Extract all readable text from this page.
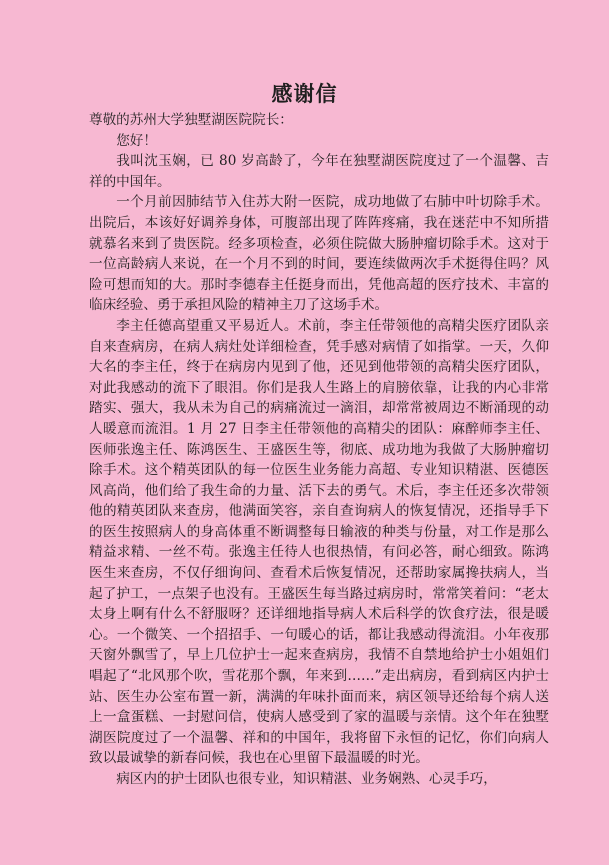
感谢信

尊敬的苏州大学独墅湖医院院长：

您好！

我叫沈玉娴，已 80 岁高龄了，今年在独墅湖医院度过了一个温馨、吉祥的中国年。

一个月前因肺结节入住苏大附一医院，成功地做了右肺中叶切除手术。出院后，本该好好调养身体，可腹部出现了阵阵疼痛，我在迷茫中不知所措就慕名来到了贵医院。经多项检查，必须住院做大肠肿瘤切除手术。这对于一位高龄病人来说，在一个月不到的时间，要连续做两次手术挺得住吗？风险可想而知的大。那时李德春主任挺身而出，凭他高超的医疗技术、丰富的临床经验、勇于承担风险的精神主刀了这场手术。

李主任德高望重又平易近人。术前，李主任带领他的高精尖医疗团队亲自来查病房，在病人病灶处详细检查，凭手感对病情了如指掌。一天，久仰大名的李主任，终于在病房内见到了他，还见到他带领的高精尖医疗团队，对此我感动的流下了眼泪。你们是我人生路上的肩膀依靠，让我的内心非常踏实、强大，我从未为自己的病痛流过一滴泪，却常常被周边不断涌现的动人暖意而流泪。1 月 27 日李主任带领他的高精尖的团队：麻醉师李主任、医师张逸主任、陈鸿医生、王盛医生等，彻底、成功地为我做了大肠肿瘤切除手术。这个精英团队的每一位医生业务能力高超、专业知识精湛、医德医风高尚，他们给了我生命的力量、活下去的勇气。术后，李主任还多次带领他的精英团队来查房，他满面笑容，亲自查询病人的恢复情况，还指导手下的医生按照病人的身高体重不断调整每日输液的种类与份量，对工作是那么精益求精、一丝不苟。张逸主任待人也很热情，有问必答，耐心细致。陈鸿医生来查房，不仅仔细询问、查看术后恢复情况，还帮助家属搀扶病人，当起了护工，一点架子也没有。王盛医生每当路过病房时，常常笑着问：“老太太身上啊有什么不舒服呀？还详细地指导病人术后科学的饮食疗法，很是暖心。一个微笑、一个招招手、一句暖心的话，都让我感动得流泪。小年夜那天窗外飘雪了，早上几位护士一起来查病房，我情不自禁地给护士小姐姐们唱起了“北风那个吹，雪花那个飘，年来到……”走出病房，看到病区内护士站、医生办公室布置一新，满满的年味扑面而来，病区领导还给每个病人送上一盒蛋糕、一封慰问信，使病人感受到了家的温暖与亲情。这个年在独墅湖医院度过了一个温馨、祥和的中国年，我将留下永恒的记忆，你们向病人致以最诚挚的新春问候，我也在心里留下最温暖的时光。

病区内的护士团队也很专业，知识精湛、业务娴熟、心灵手巧，
